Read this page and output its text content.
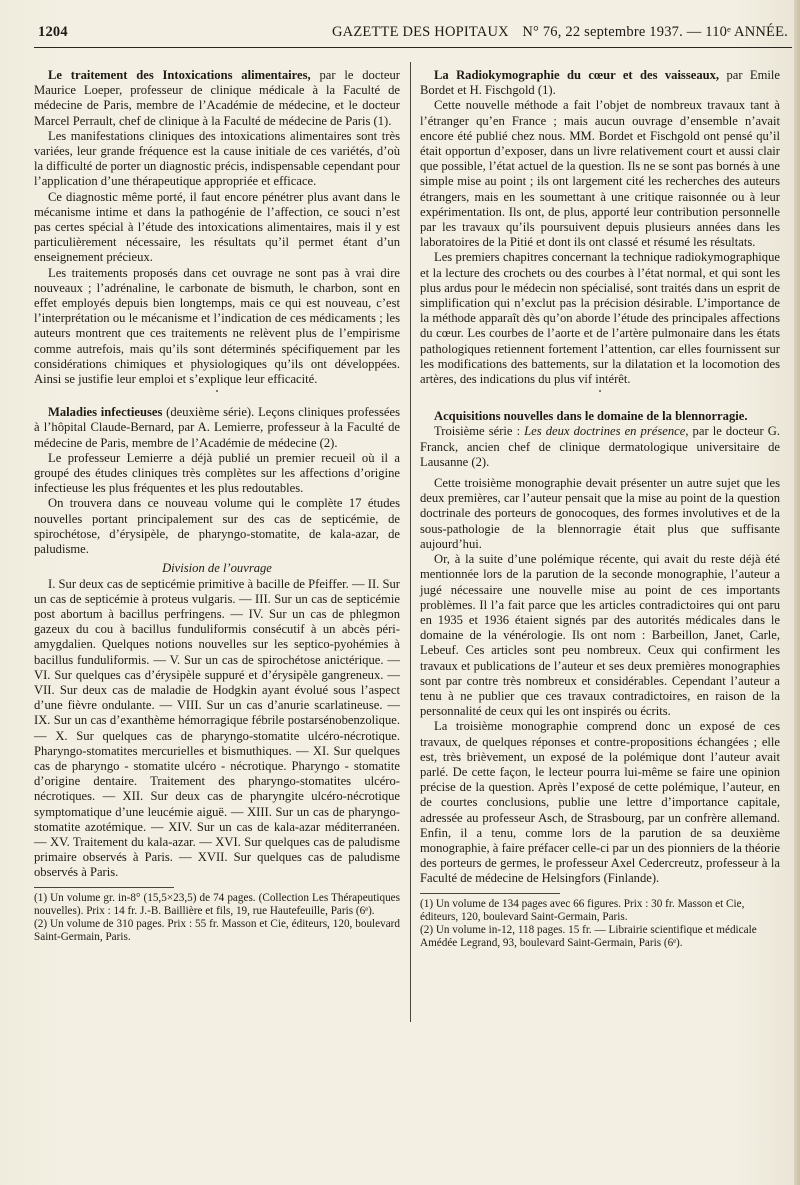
1204	GAZETTE DES HOPITAUX N° 76, 22 septembre 1937. — 110ᵉ ANNÉE.

Le traitement des Intoxications alimentaires, par le docteur Maurice Loeper, professeur de clinique médicale à la Faculté de médecine de Paris, membre de l’Académie de médecine, et le docteur Marcel Perrault, chef de clinique à la Faculté de médecine de Paris (1).

Les manifestations cliniques des intoxications alimentaires sont très variées, leur grande fréquence est la cause initiale de ces variétés, d’où la difficulté de porter un diagnostic précis, indispensable cependant pour l’application d’une thérapeutique appropriée et efficace.

Ce diagnostic même porté, il faut encore pénétrer plus avant dans le mécanisme intime et dans la pathogénie de l’affection, ce souci n’est pas certes spécial à l’étude des intoxications alimentaires, mais il y est particulièrement nécessaire, les résultats qu’il permet étant d’un enseignement précieux.

Les traitements proposés dans cet ouvrage ne sont pas à vrai dire nouveaux ; l’adrénaline, le carbonate de bismuth, le charbon, sont en effet employés depuis bien longtemps, mais ce qui est nouveau, c’est l’interprétation ou le mécanisme et l’indication de ces médicaments ; les auteurs montrent que ces traitements ne relèvent plus de l’empirisme comme autrefois, mais qu’ils sont déterminés spécifiquement par les considérations chimiques et physiologiques qu’ils ont développées. Ainsi se justifie leur emploi et s’explique leur efficacité.

•

Maladies infectieuses (deuxième série). Leçons cliniques professées à l’hôpital Claude-Bernard, par A. Lemierre, professeur à la Faculté de médecine de Paris, membre de l’Académie de médecine (2).

Le professeur Lemierre a déjà publié un premier recueil où il a groupé des études cliniques très complètes sur les affections d’origine infectieuse les plus fréquentes et les plus redoutables.

On trouvera dans ce nouveau volume qui le complète 17 études nouvelles portant principalement sur des cas de septicémie, de spirochétose, d’érysipèle, de pharyngo-stomatite, de kala-azar, de paludisme.

Division de l’ouvrage

I. Sur deux cas de septicémie primitive à bacille de Pfeiffer. — II. Sur un cas de septicémie à proteus vulgaris. — III. Sur un cas de septicémie post abortum à bacillus perfringens. — IV. Sur un cas de phlegmon gazeux du cou à bacillus funduliformis consécutif à un abcès péri-amygdalien. Quelques notions nouvelles sur les septico-pyohémies à bacillus funduliformis. — V. Sur un cas de spirochétose anictérique. — VI. Sur quelques cas d’érysipèle suppuré et d’érysipèle gangreneux. — VII. Sur deux cas de maladie de Hodgkin ayant évolué sous l’aspect d’une fièvre ondulante. — VIII. Sur un cas d’anurie scarlatineuse. — IX. Sur un cas d’exanthème hémorragique fébrile postarsénobenzolique. — X. Sur quelques cas de pharyngo-stomatite ulcéro-nécrotique. Pharyngo-stomatites mercurielles et bismuthiques. — XI. Sur quelques cas de pharyngo - stomatite ulcéro - nécrotique. Pharyngo - stomatite d’origine dentaire. Traitement des pharyngo-stomatites ulcéro-nécrotiques. — XII. Sur deux cas de pharyngite ulcéro-nécrotique symptomatique d’une leucémie aiguë. — XIII. Sur un cas de pharyngo-stomatite azotémique. — XIV. Sur un cas de kala-azar méditerranéen. — XV. Traitement du kala-azar. — XVI. Sur quelques cas de paludisme primaire observés à Paris. — XVII. Sur quelques cas de paludisme observés à Paris.

(1) Un volume gr. in-8° (15,5×23,5) de 74 pages. (Collection Les Thérapeutiques nouvelles). Prix : 14 fr. J.-B. Baillière et fils, 19, rue Hautefeuille, Paris (6ᵉ).

(2) Un volume de 310 pages. Prix : 55 fr. Masson et Cie, éditeurs, 120, boulevard Saint-Germain, Paris.

La Radiokymographie du cœur et des vaisseaux, par Emile Bordet et H. Fischgold (1).

Cette nouvelle méthode a fait l’objet de nombreux travaux tant à l’étranger qu’en France ; mais aucun ouvrage d’ensemble n’avait encore été publié chez nous. MM. Bordet et Fischgold ont pensé qu’il était opportun d’exposer, dans un livre relativement court et aussi clair que possible, l’état actuel de la question. Ils ne se sont pas bornés à une simple mise au point ; ils ont largement cité les recherches des auteurs étrangers, mais en les soumettant à une critique raisonnée ou à leur expérimentation. Ils ont, de plus, apporté leur contribution personnelle par les travaux qu’ils poursuivent depuis plusieurs années dans les laboratoires de la Pitié et dont ils ont classé et résumé les résultats.

Les premiers chapitres concernant la technique radiokymographique et la lecture des crochets ou des courbes à l’état normal, et qui sont les plus ardus pour le médecin non spécialisé, sont traités dans un esprit de simplification qui n’exclut pas la précision désirable. L’importance de la méthode apparaît dès qu’on aborde l’étude des principales affections du cœur. Les courbes de l’aorte et de l’artère pulmonaire dans les états pathologiques retiennent fortement l’attention, car elles fournissent sur les modifications des battements, sur la dilatation et la locomotion des artères, des indications du plus vif intérêt.

•

Acquisitions nouvelles dans le domaine de la blennorragie.

Troisième série : Les deux doctrines en présence, par le docteur G. Franck, ancien chef de clinique dermatologique universitaire de Lausanne (2).

Cette troisième monographie devait présenter un autre sujet que les deux premières, car l’auteur pensait que la mise au point de la question doctrinale des porteurs de gonocoques, des formes involutives et de la sous-pathologie de la blennorragie était plus que suffisante aujourd’hui.

Or, à la suite d’une polémique récente, qui avait du reste déjà été mentionnée lors de la parution de la seconde monographie, l’auteur a jugé nécessaire une nouvelle mise au point de ces importants problèmes. Il l’a fait parce que les articles contradictoires qui ont paru en 1935 et 1936 étaient signés par des autorités médicales dans le domaine de la vénérologie. Ils ont nom : Barbeillon, Janet, Carle, Lebeuf. Ces articles sont peu nombreux. Ceux qui confirment les travaux et publications de l’auteur et ses deux premières monographies sont par contre très nombreux et considérables. Cependant l’auteur a tenu à ne publier que ces travaux contradictoires, en raison de la personnalité de ceux qui les ont inspirés ou écrits.

La troisième monographie comprend donc un exposé de ces travaux, de quelques réponses et contre-propositions échangées ; elle est, très brièvement, un exposé de la polémique dont l’auteur avait parlé. De cette façon, le lecteur pourra lui-même se faire une opinion précise de la question. Après l’exposé de cette polémique, l’auteur, en de courtes conclusions, publie une lettre d’importance capitale, adressée au professeur Asch, de Strasbourg, par un confrère allemand. Enfin, il a tenu, comme lors de la parution de sa deuxième monographie, à faire préfacer celle-ci par un des pionniers de la théorie des porteurs de germes, le professeur Axel Cedercreutz, professeur à la Faculté de médecine de Helsingfors (Finlande).

(1) Un volume de 134 pages avec 66 figures. Prix : 30 fr. Masson et Cie, éditeurs, 120, boulevard Saint-Germain, Paris.

(2) Un volume in-12, 118 pages. 15 fr. — Librairie scientifique et médicale Amédée Legrand, 93, boulevard Saint-Germain, Paris (6ᵉ).
